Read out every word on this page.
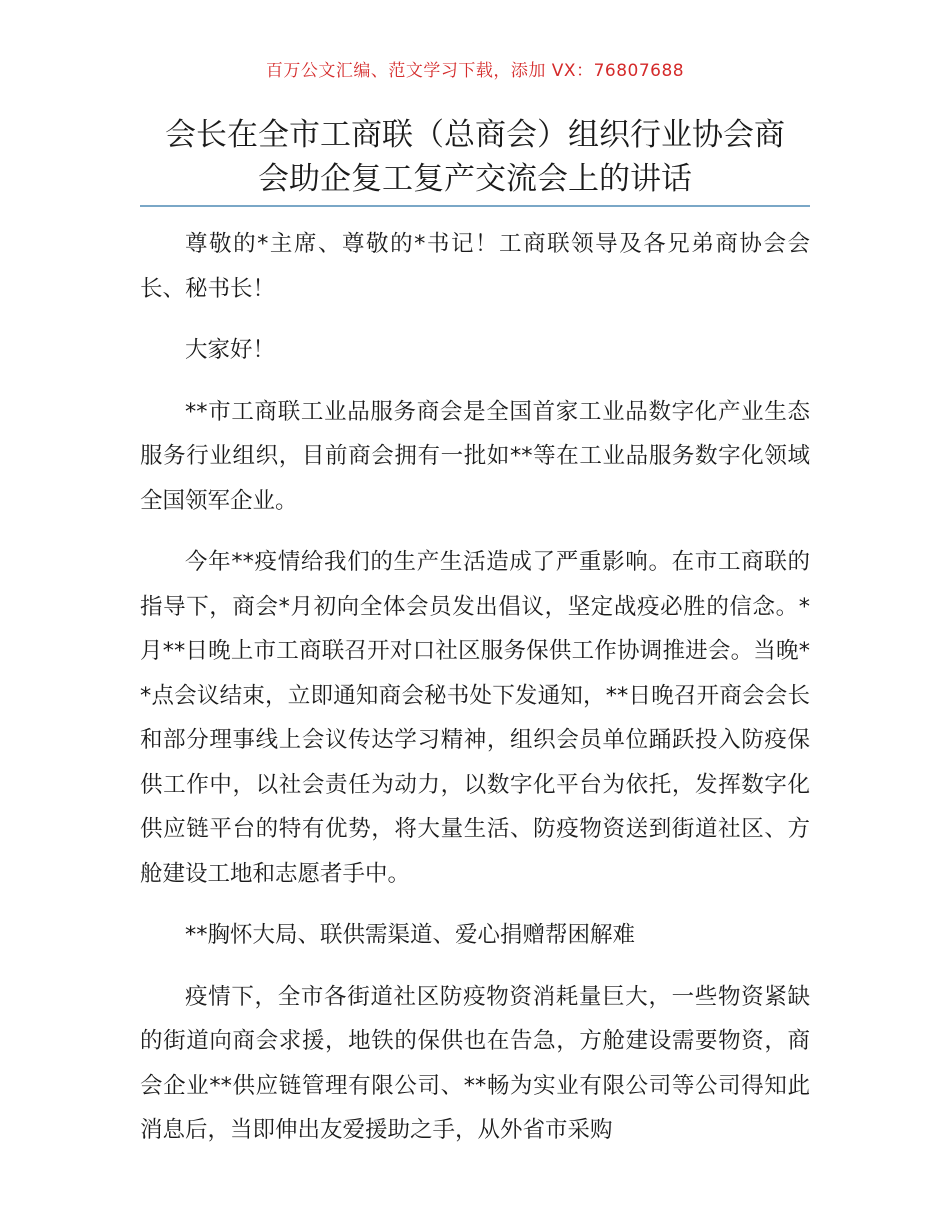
百万公文汇编、范文学习下载，添加 VX：76807688
会长在全市工商联（总商会）组织行业协会商
会助企复工复产交流会上的讲话

尊敬的*主席、尊敬的*书记！工商联领导及各兄弟商协会会长、秘书长！

大家好！

**市工商联工业品服务商会是全国首家工业品数字化产业生态服务行业组织，目前商会拥有一批如**等在工业品服务数字化领域全国领军企业。

今年**疫情给我们的生产生活造成了严重影响。在市工商联的指导下，商会*月初向全体会员发出倡议，坚定战疫必胜的信念。*月**日晚上市工商联召开对口社区服务保供工作协调推进会。当晚**点会议结束，立即通知商会秘书处下发通知，**日晚召开商会会长和部分理事线上会议传达学习精神，组织会员单位踊跃投入防疫保供工作中，以社会责任为动力，以数字化平台为依托，发挥数字化供应链平台的特有优势，将大量生活、防疫物资送到街道社区、方舱建设工地和志愿者手中。

**胸怀大局、联供需渠道、爱心捐赠帮困解难

疫情下，全市各街道社区防疫物资消耗量巨大，一些物资紧缺的街道向商会求援，地铁的保供也在告急，方舱建设需要物资，商会企业**供应链管理有限公司、**畅为实业有限公司等公司得知此消息后，当即伸出友爱援助之手，从外省市采购
